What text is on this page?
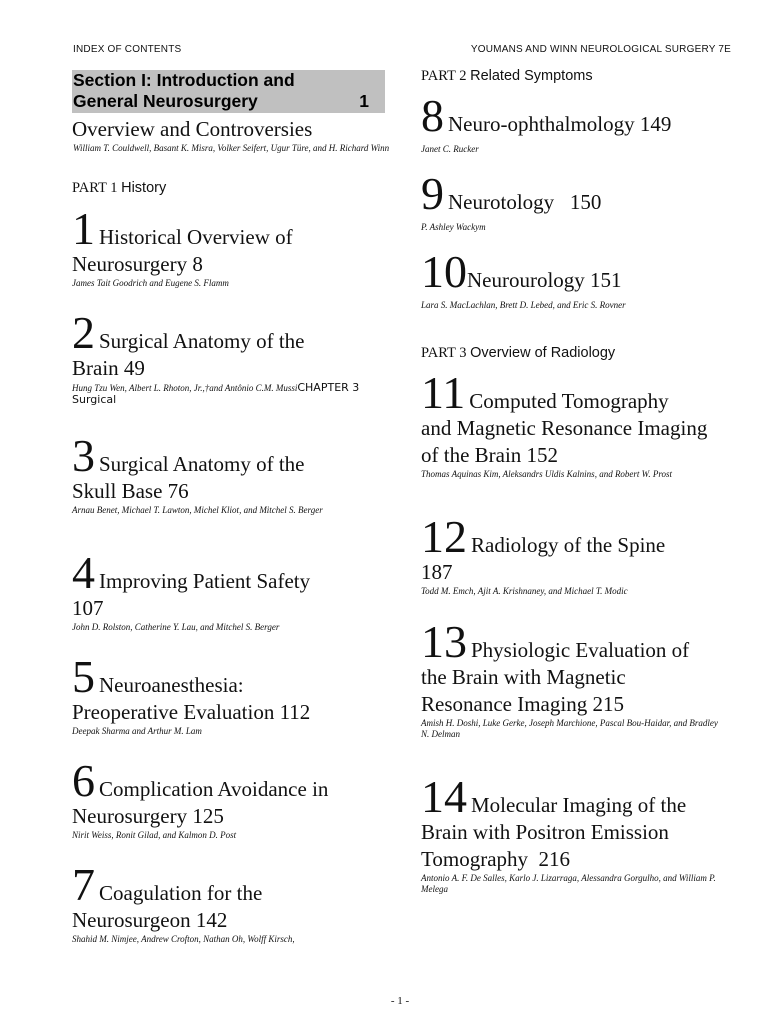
INDEX OF CONTENTS	YOUMANS AND WINN NEUROLOGICAL SURGERY 7E
Section I: Introduction and General Neurosurgery	1
Overview and Controversies
William T. Couldwell, Basant K. Misra, Volker Seifert, Ugur Türe, and H. Richard Winn
PART 1 History
PART 2 Related Symptoms
PART 3 Overview of Radiology
1 Historical Overview of
Neurosurgery 8
James Tait Goodrich and Eugene S. Flamm
2 Surgical Anatomy of the
Brain 49
Hung Tzu Wen, Albert L. Rhoton, Jr.,†and Antônio C.M. MussiCHAPTER 3 Surgical
3 Surgical Anatomy of the
Skull Base 76
Arnau Benet, Michael T. Lawton, Michel Kliot, and Mitchel S. Berger
4 Improving Patient Safety
107
John D. Rolston, Catherine Y. Lau, and Mitchel S. Berger
5 Neuroanesthesia:
Preoperative Evaluation 112
Deepak Sharma and Arthur M. Lam
6 Complication Avoidance in
Neurosurgery 125
Nirit Weiss, Ronit Gilad, and Kalmon D. Post
7 Coagulation for the
Neurosurgeon 142
Shahid M. Nimjee, Andrew Crofton, Nathan Oh, Wolff Kirsch,
8 Neuro-ophthalmology 149
Janet C. Rucker
9 Neurotology   150
P. Ashley Wackym
10Neurourology 151
Lara S. MacLachlan, Brett D. Lebed, and Eric S. Rovner
11 Computed Tomography
and Magnetic Resonance Imaging of the Brain 152
Thomas Aquinas Kim, Aleksandrs Uldis Kalnins, and Robert W. Prost
12 Radiology of the Spine
187
Todd M. Emch, Ajit A. Krishnaney, and Michael T. Modic
13 Physiologic Evaluation of
the Brain with Magnetic Resonance Imaging 215
Amish H. Doshi, Luke Gerke, Joseph Marchione, Pascal Bou-Haidar, and Bradley N. Delman
14 Molecular Imaging of the
Brain with Positron Emission Tomography  216
Antonio A. F. De Salles, Karlo J. Lizarraga, Alessandra Gorgulho, and William P. Melega
- 1 -
